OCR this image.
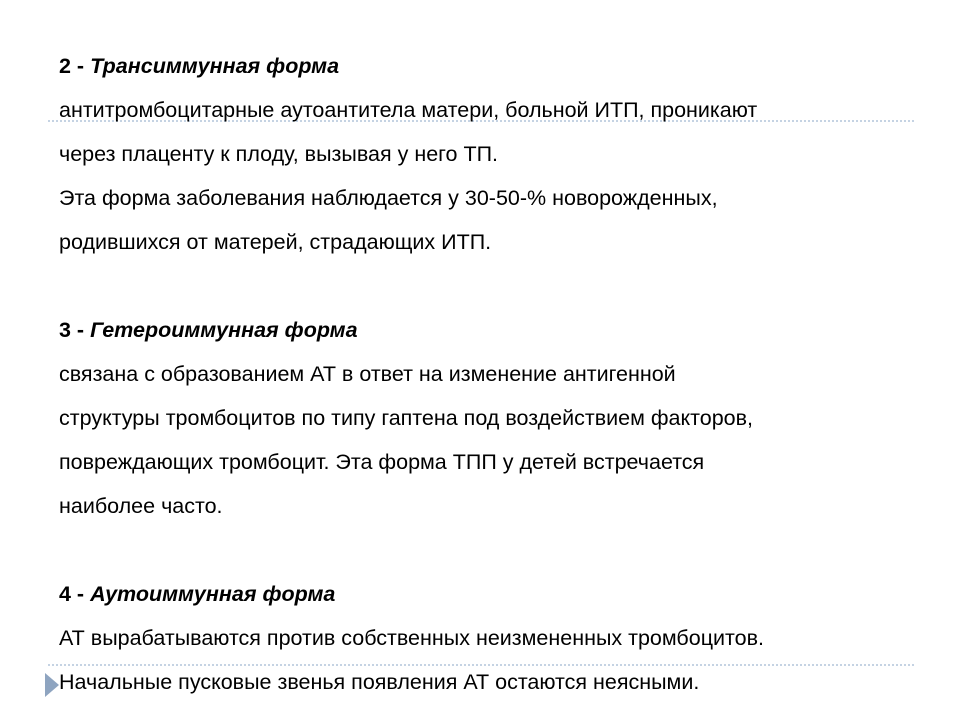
2 - Трансиммунная форма
антитромбоцитарные аутоантитела матери, больной ИТП, проникают
через плаценту к плоду, вызывая у него ТП.
Эта форма заболевания наблюдается у 30-50-% новорожденных,
родившихся от матерей, страдающих ИТП.
3 - Гетероиммунная форма
связана с образованием АТ в ответ на изменение антигенной
структуры тромбоцитов по типу гаптена под воздействием факторов,
повреждающих тромбоцит. Эта форма ТПП у детей встречается
наиболее часто.
4 - Аутоиммунная форма
АТ вырабатываются против собственных неизмененных тромбоцитов.
Начальные пусковые звенья появления АТ остаются неясными.
